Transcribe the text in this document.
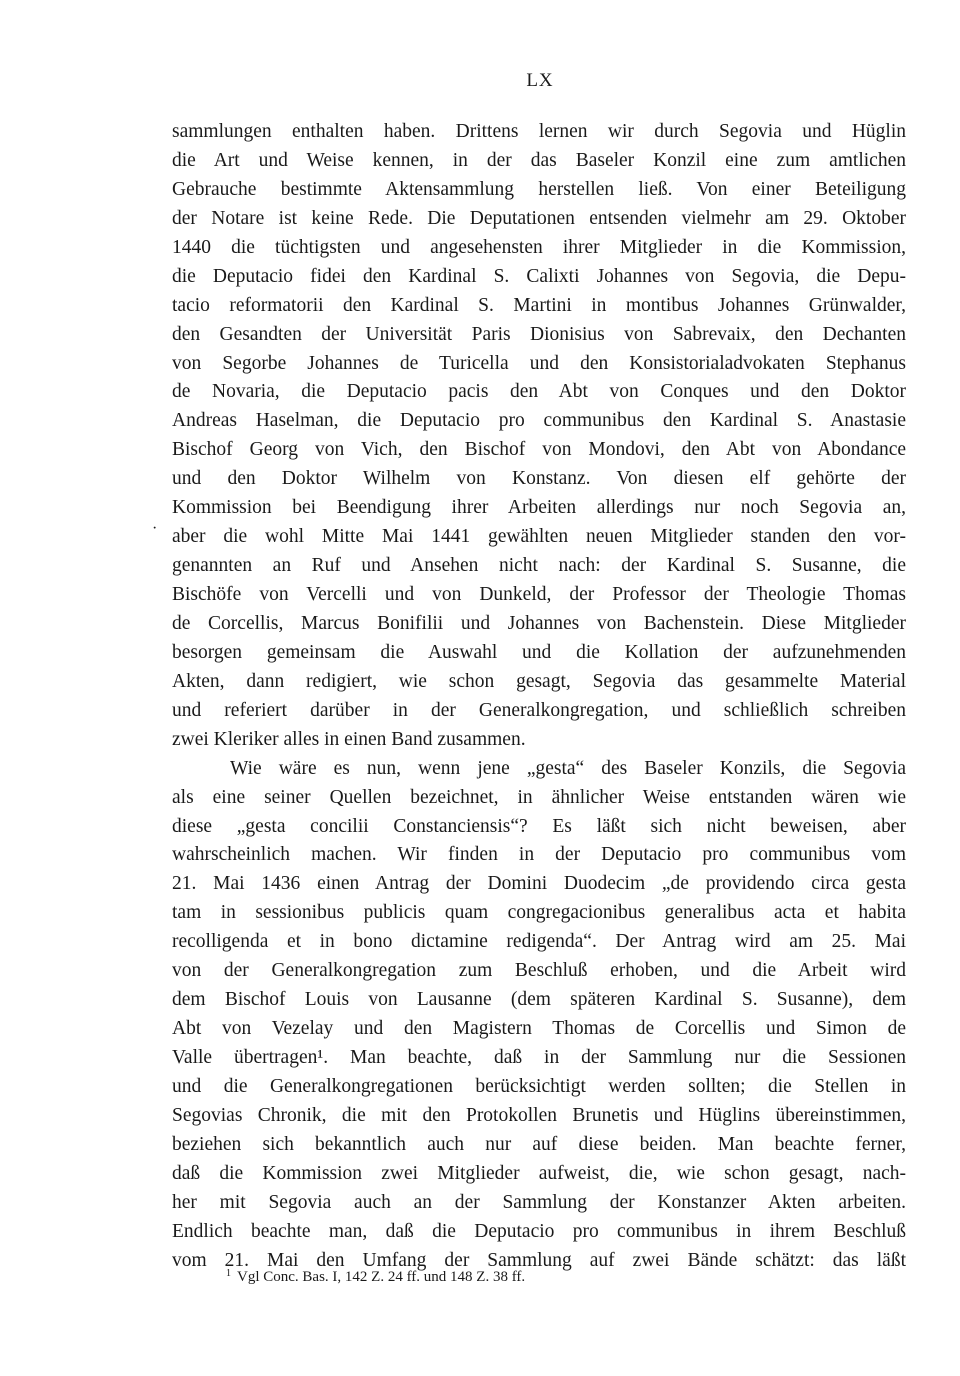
LX
·
sammlungen enthalten haben. Drittens lernen wir durch Segovia und Hüglin
die Art und Weise kennen, in der das Baseler Konzil eine zum amtlichen
Gebrauche bestimmte Aktensammlung herstellen ließ. Von einer Beteiligung
der Notare ist keine Rede. Die Deputationen entsenden vielmehr am 29. Oktober
1440 die tüchtigsten und angesehensten ihrer Mitglieder in die Kommission,
die Deputacio fidei den Kardinal S. Calixti Johannes von Segovia, die Depu-
tacio reformatorii den Kardinal S. Martini in montibus Johannes Grünwalder,
den Gesandten der Universität Paris Dionisius von Sabrevaix, den Dechanten
von Segorbe Johannes de Turicella und den Konsistorialadvokaten Stephanus
de Novaria, die Deputacio pacis den Abt von Conques und den Doktor
Andreas Haselman, die Deputacio pro communibus den Kardinal S. Anastasie
Bischof Georg von Vich, den Bischof von Mondovi, den Abt von Abondance
und den Doktor Wilhelm von Konstanz. Von diesen elf gehörte der
Kommission bei Beendigung ihrer Arbeiten allerdings nur noch Segovia an,
aber die wohl Mitte Mai 1441 gewählten neuen Mitglieder standen den vor-
genannten an Ruf und Ansehen nicht nach: der Kardinal S. Susanne, die
Bischöfe von Vercelli und von Dunkeld, der Professor der Theologie Thomas
de Corcellis, Marcus Bonifilii und Johannes von Bachenstein. Diese Mitglieder
besorgen gemeinsam die Auswahl und die Kollation der aufzunehmenden
Akten, dann redigiert, wie schon gesagt, Segovia das gesammelte Material
und referiert darüber in der Generalkongregation, und schließlich schreiben
zwei Kleriker alles in einen Band zusammen.
Wie wäre es nun, wenn jene „gesta“ des Baseler Konzils, die Segovia
als eine seiner Quellen bezeichnet, in ähnlicher Weise entstanden wären wie
diese „gesta concilii Constanciensis“? Es läßt sich nicht beweisen, aber
wahrscheinlich machen. Wir finden in der Deputacio pro communibus vom
21. Mai 1436 einen Antrag der Domini Duodecim „de providendo circa gesta
tam in sessionibus publicis quam congregacionibus generalibus acta et habita
recolligenda et in bono dictamine redigenda“. Der Antrag wird am 25. Mai
von der Generalkongregation zum Beschluß erhoben, und die Arbeit wird
dem Bischof Louis von Lausanne (dem späteren Kardinal S. Susanne), dem
Abt von Vezelay und den Magistern Thomas de Corcellis und Simon de
Valle übertragen¹. Man beachte, daß in der Sammlung nur die Sessionen
und die Generalkongregationen berücksichtigt werden sollten; die Stellen in
Segovias Chronik, die mit den Protokollen Brunetis und Hüglins übereinstimmen,
beziehen sich bekanntlich auch nur auf diese beiden. Man beachte ferner,
daß die Kommission zwei Mitglieder aufweist, die, wie schon gesagt, nach-
her mit Segovia auch an der Sammlung der Konstanzer Akten arbeiten.
Endlich beachte man, daß die Deputacio pro communibus in ihrem Beschluß
vom 21. Mai den Umfang der Sammlung auf zwei Bände schätzt: das läßt
$^1$ Vgl Conc. Bas. I, 142 Z. 24 ff. und 148 Z. 38 ff.
